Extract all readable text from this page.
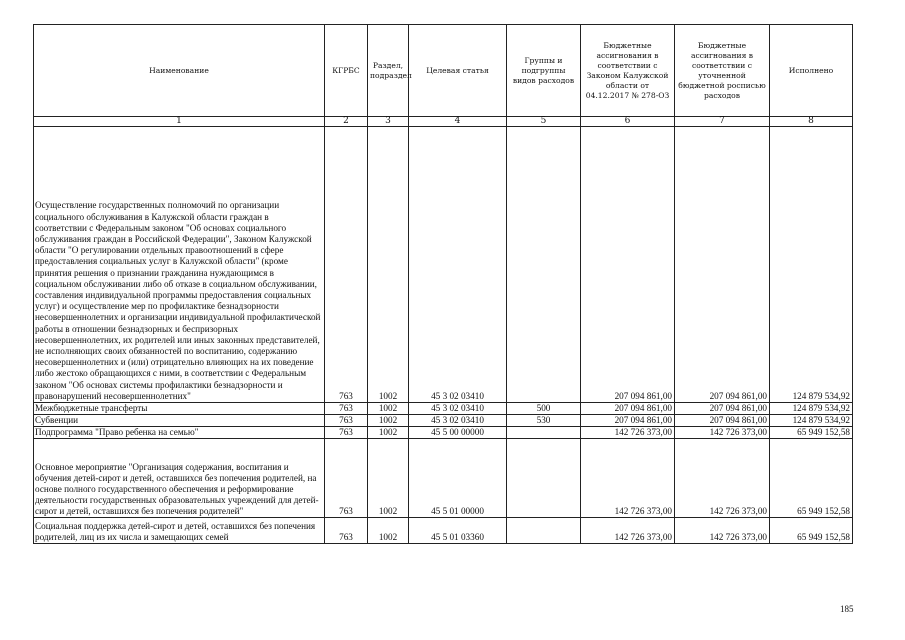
Наименование	КГРБС	Раздел, подраздел	Целевая статья	Группы и подгруппы видов расходов	Бюджетные ассигнования в соответствии с Законом Калужской области от 04.12.2017 № 278-ОЗ	Бюджетные ассигнования в соответствии с уточненной бюджетной росписью расходов	Исполнено
1	2	3	4	5	6	7	8
Осуществление государственных полномочий по организации социального обслуживания в Калужской области граждан в соответствии с Федеральным законом "Об основах социального обслуживания граждан в Российской Федерации", Законом Калужской области "О регулировании отдельных правоотношений в сфере предоставления социальных услуг в Калужской области" (кроме принятия решения о признании гражданина нуждающимся в социальном обслуживании либо об отказе в социальном обслуживании, составления индивидуальной программы предоставления социальных услуг) и осуществление мер по профилактике безнадзорности несовершеннолетних и организации индивидуальной профилактической работы в отношении безнадзорных и беспризорных несовершеннолетних, их родителей или иных законных представителей, не исполняющих своих обязанностей по воспитанию, содержанию несовершеннолетних и (или) отрицательно влияющих на их поведение либо жестоко обращающихся с ними, в соответствии с Федеральным законом "Об основах системы профилактики безнадзорности и правонарушений несовершеннолетних"	763	1002	45 3 02 03410		207 094 861,00	207 094 861,00	124 879 534,92
Межбюджетные трансферты	763	1002	45 3 02 03410	500	207 094 861,00	207 094 861,00	124 879 534,92
Субвенции	763	1002	45 3 02 03410	530	207 094 861,00	207 094 861,00	124 879 534,92
Подпрограмма "Право ребенка на семью"	763	1002	45 5 00 00000		142 726 373,00	142 726 373,00	65 949 152,58
Основное мероприятие "Организация содержания, воспитания и обучения детей-сирот и детей, оставшихся без попечения родителей, на основе полного государственного обеспечения и реформирование деятельности государственных образовательных учреждений для детей-сирот и детей, оставшихся без попечения родителей"	763	1002	45 5 01 00000		142 726 373,00	142 726 373,00	65 949 152,58
Социальная поддержка детей-сирот и детей, оставшихся без попечения родителей, лиц из их числа и замещающих семей	763	1002	45 5 01 03360		142 726 373,00	142 726 373,00	65 949 152,58
185
